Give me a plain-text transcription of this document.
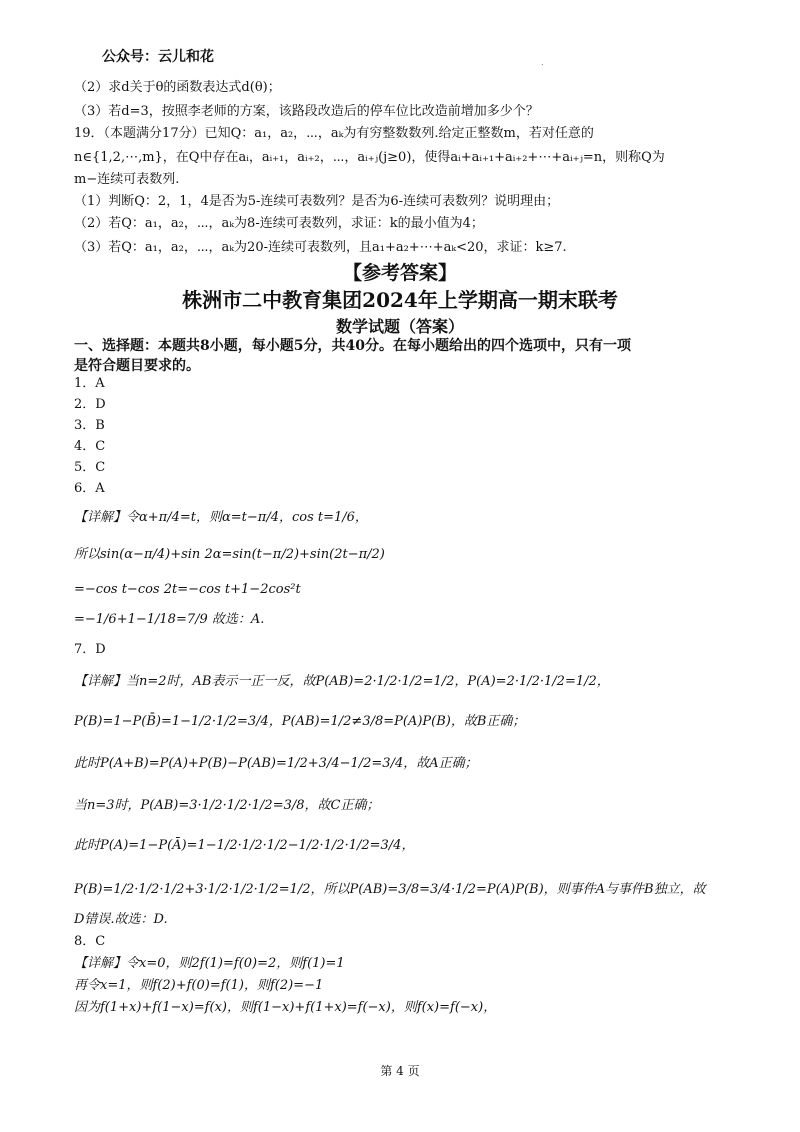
公众号：云儿和花	.
（2）求d关于θ的函数表达式d(θ)；
（3）若d=3，按照李老师的方案，该路段改造后的停车位比改造前增加多少个？
19．（本题满分17分）已知Q：a₁，a₂，⋯，aₖ为有穷整数数列.给定正整数m，若对任意的
n∈{1,2,⋯,m}，在Q中存在aᵢ，aᵢ₊₁，aᵢ₊₂，⋯，aᵢ₊ⱼ(j≥0)，使得aᵢ+aᵢ₊₁+aᵢ₊₂+⋯+aᵢ₊ⱼ=n，则称Q为
m−连续可表数列.
（1）判断Q：2，1，4是否为5-连续可表数列？是否为6-连续可表数列？说明理由；
（2）若Q：a₁，a₂，⋯，aₖ为8-连续可表数列，求证：k的最小值为4；
（3）若Q：a₁，a₂，⋯，aₖ为20-连续可表数列，且a₁+a₂+⋯+aₖ<20，求证：k≥7.
【参考答案】
株洲市二中教育集团2024年上学期高一期末联考
数学试题（答案）
一、选择题：本题共8小题，每小题5分，共40分。在每小题给出的四个选项中，只有一项
是符合题目要求的。
1．A
2．D
3．B
4．C
5．C
6．A
【详解】令α+π/4=t，则α=t−π/4，cos t=1/6，
所以sin(α−π/4)+sin 2α=sin(t−π/2)+sin(2t−π/2)
=−cos t−cos 2t=−cos t+1−2cos²t
=−1/6+1−1/18=7/9 故选：A.
7．D
【详解】当n=2时，AB表示一正一反，故P(AB)=2·1/2·1/2=1/2，P(A)=2·1/2·1/2=1/2，
P(B)=1−P(B̄)=1−1/2·1/2=3/4，P(AB)=1/2≠3/8=P(A)P(B)，故B正确；
此时P(A+B)=P(A)+P(B)−P(AB)=1/2+3/4−1/2=3/4，故A正确；
当n=3时，P(AB)=3·1/2·1/2·1/2=3/8，故C正确；
此时P(A)=1−P(Ā)=1−1/2·1/2·1/2−1/2·1/2·1/2=3/4，
P(B)=1/2·1/2·1/2+3·1/2·1/2·1/2=1/2，所以P(AB)=3/8=3/4·1/2=P(A)P(B)，则事件A与事件B独立，故
D错误.故选：D.
8．C
【详解】令x=0，则2f(1)=f(0)=2，则f(1)=1
再令x=1，则f(2)+f(0)=f(1)，则f(2)=−1
因为f(1+x)+f(1−x)=f(x)，则f(1−x)+f(1+x)=f(−x)，则f(x)=f(−x)，
第 4 页
